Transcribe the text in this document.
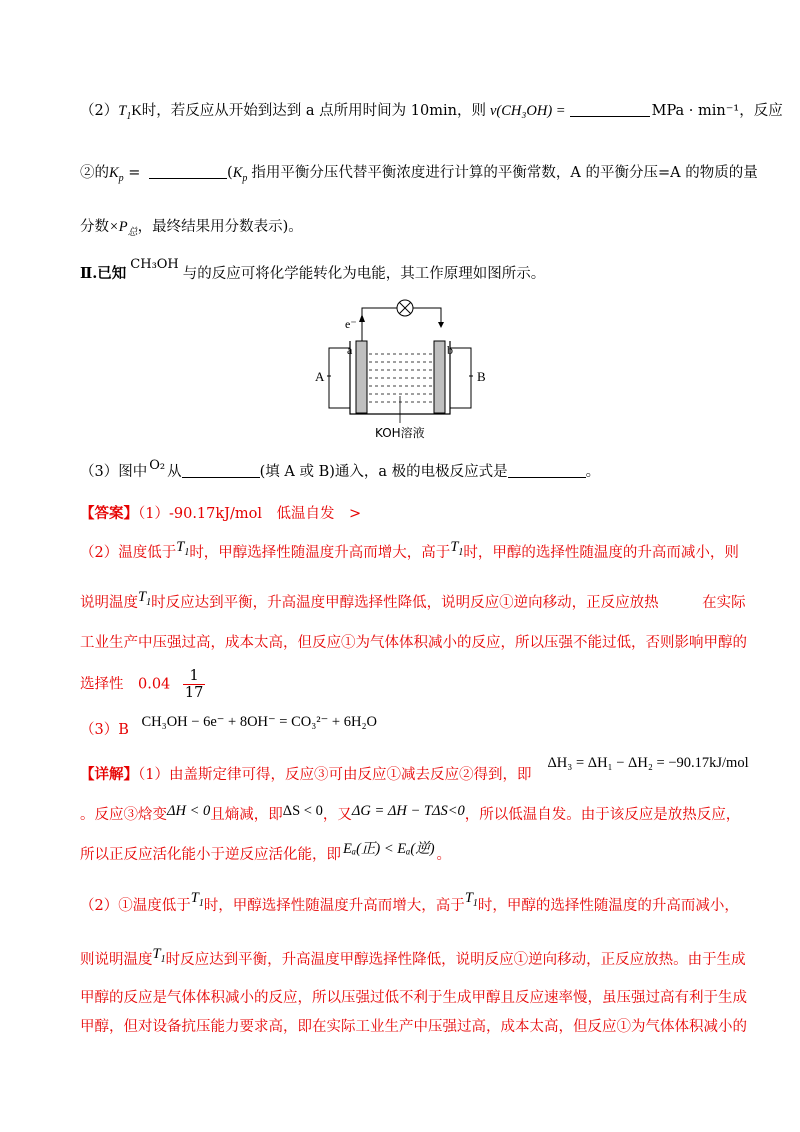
$(2)T_1K$时，若反应从开始到达到 a 点所用时间为 10min，则 v(CH₃OH) =	MPa · min⁻¹，反应
②的$K_p$ =	($K_p$ 指用平衡分压代替平衡浓度进行计算的平衡常数，A 的平衡分压=A 的物质的量
分数$\times P_总$，最终结果用分数表示)。
Ⅱ.已知CH₃OH与的反应可将化学能转化为电能，其工作原理如图所示。
e⁻
a	b
A	B
KOH溶液
（3）图中 O₂ 从	(填 A 或 B)通入，a 极的电极反应式是	。
【答案】（1）-90.17kJ/mol　低温自发　>
（2）温度低于$T_1$时，甲醇选择性随温度升高而增大，高于$T_1$时，甲醇的选择性随温度的升高而减小，则
说明温度$T_1$时反应达到平衡，升高温度甲醇选择性降低，说明反应①逆向移动，正反应放热　　　在实际
工业生产中压强过高，成本太高，但反应①为气体体积减小的反应，所以压强不能过低，否则影响甲醇的
选择性　$0.04 \frac{1}{17}$
（3）B CH₃OH − 6e⁻ + 8OH⁻ = CO₃²⁻ + 6H₂O
【详解】（1）由盖斯定律可得，反应③可由反应①减去反应②得到，即ΔH₃ = ΔH₁ − ΔH₂ = −90.17kJ/mol
。反应③焓变ΔH < 0且熵减，即ΔS < 0，又ΔG = ΔH − TΔS<0，所以低温自发。由于该反应是放热反应，
所以正反应活化能小于逆反应活化能，即 Eₐ(正) < Eₐ(逆) 。
（2）①温度低于$T_1$时，甲醇选择性随温度升高而增大，高于$T_1$时，甲醇的选择性随温度的升高而减小，
则说明温度$T_1$时反应达到平衡，升高温度甲醇选择性降低，说明反应①逆向移动，正反应放热。由于生成
甲醇的反应是气体体积减小的反应，所以压强过低不利于生成甲醇且反应速率慢，虽压强过高有利于生成
甲醇，但对设备抗压能力要求高，即在实际工业生产中压强过高，成本太高，但反应①为气体体积减小的
